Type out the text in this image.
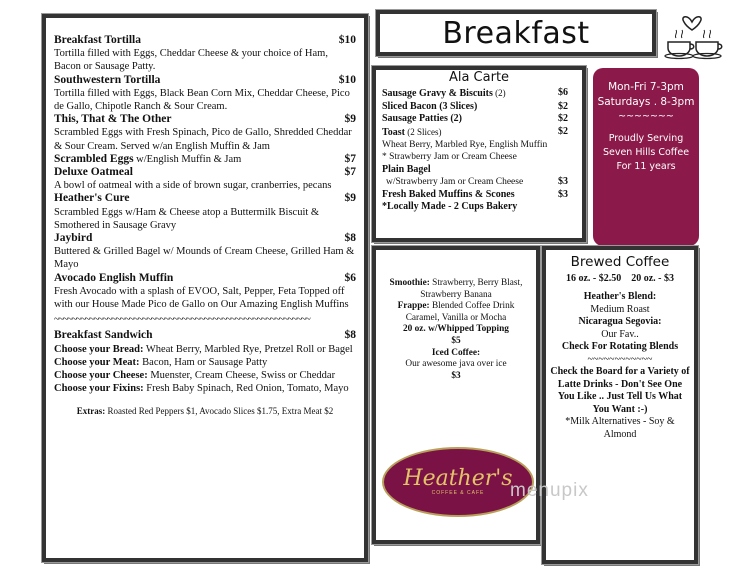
Breakfast Tortilla	$10
Tortilla filled with Eggs, Cheddar Cheese & your choice of Ham, Bacon or Sausage Patty.
Southwestern Tortilla	$10
Tortilla filled with Eggs, Black Bean Corn Mix, Cheddar Cheese, Pico de Gallo, Chipotle Ranch & Sour Cream.
This, That & The Other	$9
Scrambled Eggs with Fresh Spinach, Pico de Gallo, Shredded Cheddar & Sour Cream. Served w/an English Muffin & Jam
Scrambled Eggs w/English Muffin & Jam	$7
Deluxe Oatmeal	$7
A bowl of oatmeal with a side of brown sugar, cranberries, pecans
Heather's Cure	$9
Scrambled Eggs w/Ham & Cheese atop a Buttermilk Biscuit & Smothered in Sausage Gravy
Jaybird	$8
Buttered & Grilled Bagel w/ Mounds of Cream Cheese, Grilled Ham & Mayo
Avocado English Muffin	$6
Fresh Avocado with a splash of EVOO, Salt, Pepper, Feta Topped off with our House Made Pico de Gallo on Our Amazing English Muffins
~~~~~~~~~~~~~~~~~~~~~~~~~~~~~~~~~~~~~~~~~~~~~~~~~~~~~~~~~~
Breakfast Sandwich	$8
Choose your Bread: Wheat Berry, Marbled Rye, Pretzel Roll or Bagel
Choose your Meat: Bacon, Ham or Sausage Patty
Choose your Cheese: Muenster, Cream Cheese, Swiss or Cheddar
Choose your Fixins: Fresh Baby Spinach, Red Onion, Tomato, Mayo
Extras: Roasted Red Peppers $1, Avocado Slices $1.75, Extra Meat $2
Breakfast
Ala Carte
Sausage Gravy & Biscuits (2)	$6
Sliced Bacon (3 Slices)	$2
Sausage Patties (2)	$2
Toast (2 Slices)	$2
Wheat Berry, Marbled Rye, English Muffin
* Strawberry Jam or Cream Cheese
Plain Bagel
w/Strawberry Jam or Cream Cheese	$3
Fresh Baked Muffins & Scones	$3
*Locally Made - 2 Cups Bakery
Mon-Fri 7-3pm
Saturdays . 8-3pm
~~~~~~~
Proudly Serving
Seven Hills Coffee
For 11 years
Smoothie: Strawberry, Berry Blast, Strawberry Banana
Frappe: Blended Coffee Drink Caramel, Vanilla or Mocha
20 oz. w/Whipped Topping
$5
Iced Coffee:
Our awesome java over ice
$3
Heather's
COFFEE & CAFE
Brewed Coffee
16 oz. - $2.50    20 oz. - $3
Heather's Blend:
Medium Roast
Nicaragua Segovia:
Our Fav..
Check For Rotating Blends
~~~~~~~~~~~~
Check the Board for a Variety of Latte Drinks - Don't See One You Like .. Just Tell Us What You Want :-)
*Milk Alternatives - Soy & Almond
menupix
